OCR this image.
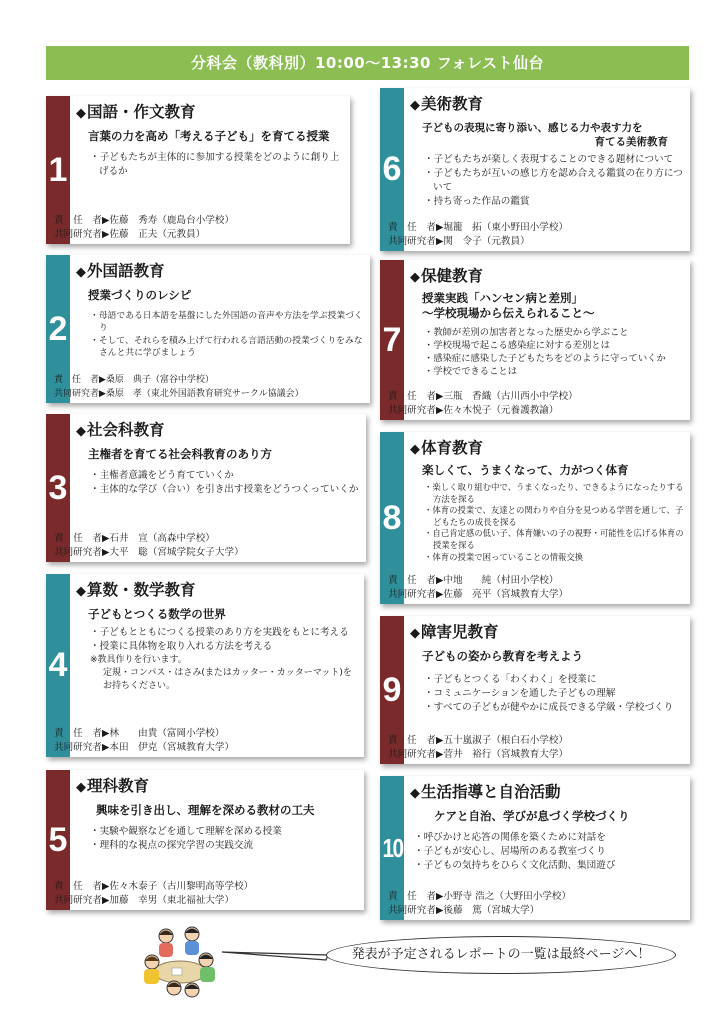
分科会（教科別）10:00〜13:30 フォレスト仙台
1
◆国語・作文教育
言葉の力を高め「考える子ども」を育てる授業
・子どもたちが主体的に参加する授業をどのように創り上げるか
責　任　者▶佐藤　秀寿（鹿島台小学校）
共同研究者▶佐藤　正夫（元教員）
2
◆外国語教育
授業づくりのレシピ
・母語である日本語を基盤にした外国語の音声や方法を学ぶ授業づくり
・そして、それらを積み上げて行われる言語活動の授業づくりをみなさんと共に学びましょう
責　任　者▶桑原　典子（富谷中学校）
共同研究者▶桑原　孝（東北外国語教育研究サークル協議会）
3
◆社会科教育
主権者を育てる社会科教育のあり方
・主権者意識をどう育てていくか
・主体的な学び（合い）を引き出す授業をどうつくっていくか
責　任　者▶石井　宣（高森中学校）
共同研究者▶大平　聡（宮城学院女子大学）
4
◆算数・数学教育
子どもとつくる数学の世界
・子どもとともにつくる授業のあり方を実践をもとに考える
・授業に具体物を取り入れる方法を考える
※教具作りを行います。
定規・コンパス・はさみ(またはカッター・カッターマット)を
お持ちください。
責　任　者▶林　　由貴（富岡小学校）
共同研究者▶本田　伊克（宮城教育大学）
5
◆理科教育
興味を引き出し、理解を深める教材の工夫
・実験や観察などを通して理解を深める授業
・理科的な視点の探究学習の実践交流
責　任　者▶佐々木泰子（古川黎明高等学校）
共同研究者▶加藤　幸男（東北福祉大学）
6
◆美術教育
子どもの表現に寄り添い、感じる力や表す力を
育てる美術教育
・子どもたちが楽しく表現することのできる題材について
・子どもたちが互いの感じ方を認め合える鑑賞の在り方について
・持ち寄った作品の鑑賞
責　任　者▶堀籠　拓（東小野田小学校）
共同研究者▶関　令子（元教員）
7
◆保健教育
授業実践「ハンセン病と差別」
〜学校現場から伝えられること〜
・教師が差別の加害者となった歴史から学ぶこと
・学校現場で起こる感染症に対する差別とは
・感染症に感染した子どもたちをどのように守っていくか
・学校でできることは
責　任　者▶三瓶　香織（古川西小中学校）
共同研究者▶佐々木悦子（元養護教諭）
8
◆体育教育
楽しくて、うまくなって、力がつく体育
・楽しく取り組む中で、うまくなったり、できるようになったりする方法を探る
・体育の授業で、友達との関わりや自分を見つめる学習を通して、子どもたちの成長を探る
・自己肯定感の低い子、体育嫌いの子の視野・可能性を広げる体育の授業を探る
・体育の授業で困っていることの情報交換
責　任　者▶中地　　純（村田小学校）
共同研究者▶佐藤　亮平（宮城教育大学）
9
◆障害児教育
子どもの姿から教育を考えよう
・子どもとつくる「わくわく」を授業に
・コミュニケーションを通した子どもの理解
・すべての子どもが健やかに成長できる学級・学校づくり
責　任　者▶五十嵐淑子（根白石小学校）
共同研究者▶菅井　裕行（宮城教育大学）
10
◆生活指導と自治活動
ケアと自治、学びが息づく学校づくり
・呼びかけと応答の関係を築くために対話を
・子どもが安心し、居場所のある教室づくり
・子どもの気持ちをひらく文化活動、集団遊び
責　任　者▶小野寺 浩之（大野田小学校）
共同研究者▶後藤　篤（宮城大学）
発表が予定されるレポートの一覧は最終ページへ！
